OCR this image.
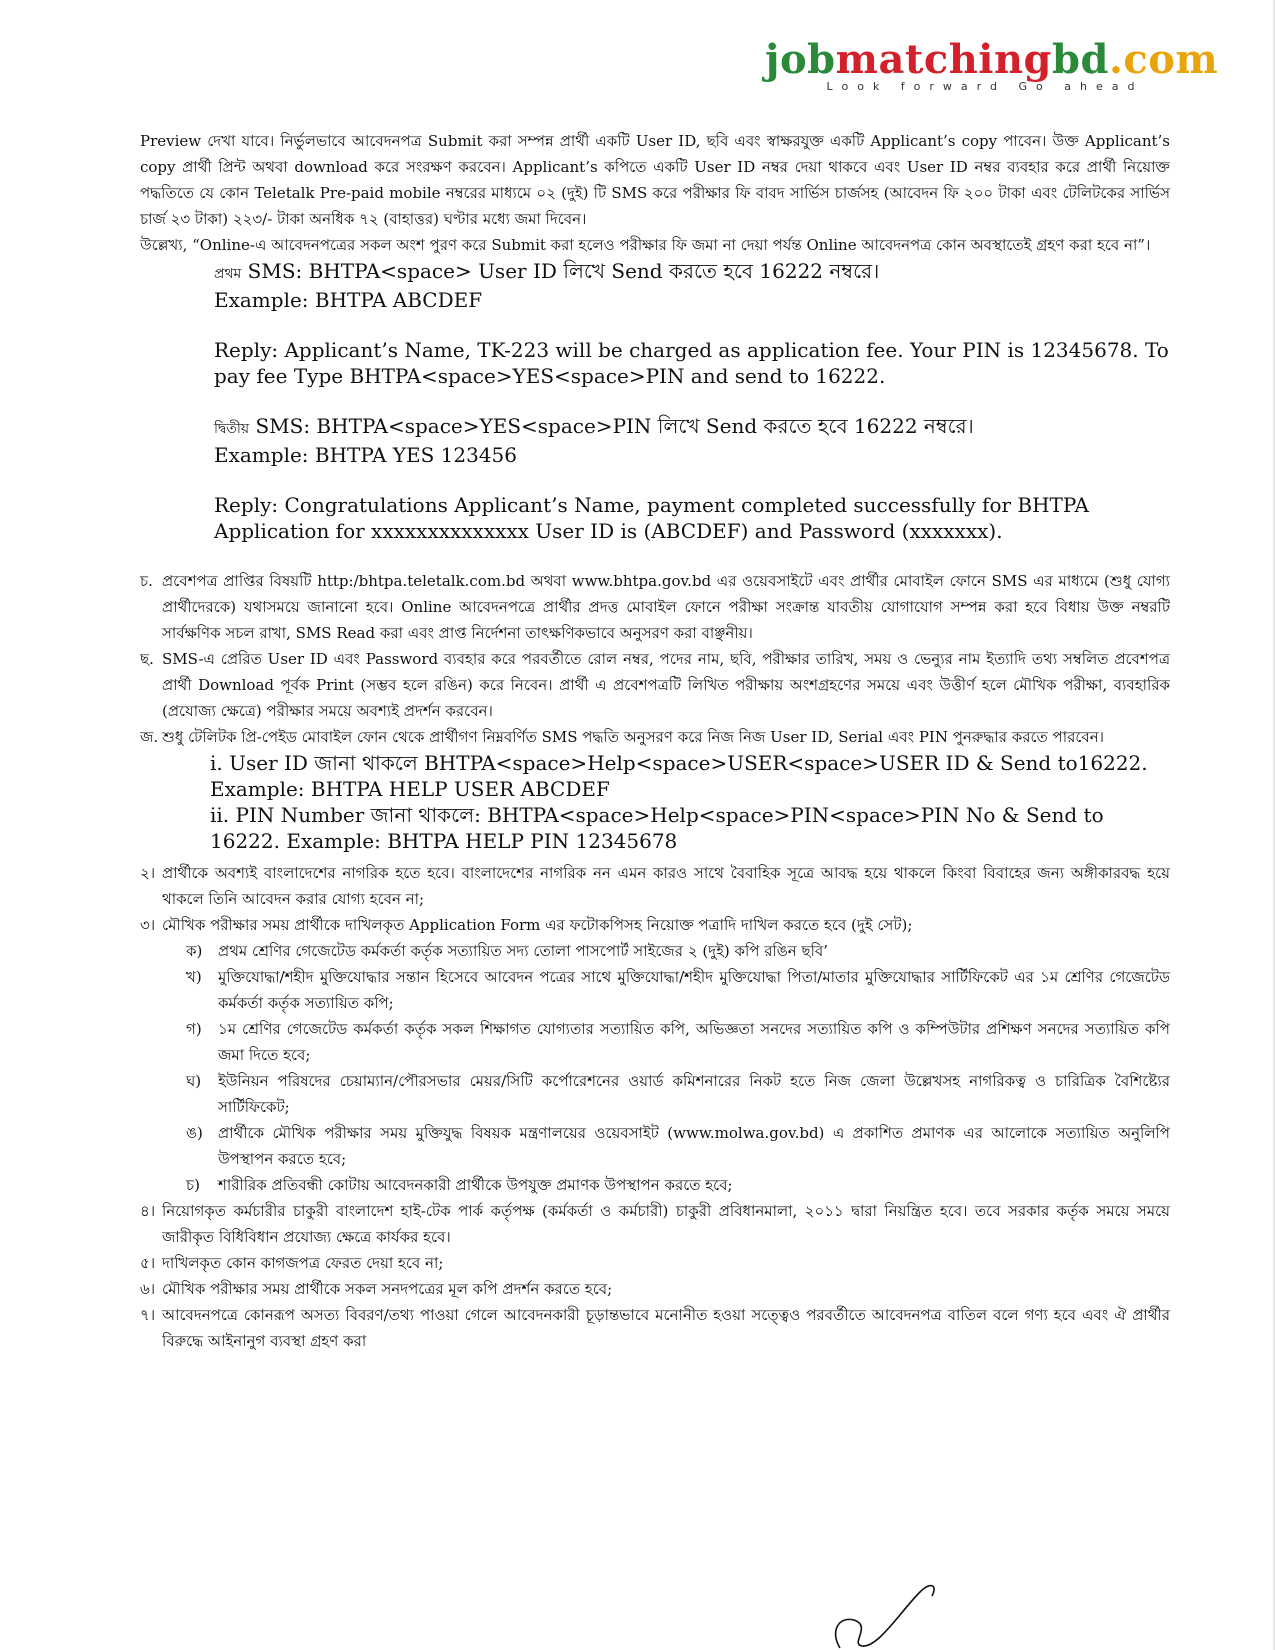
jobmatchingbd.com
Look forward Go ahead

Preview দেখা যাবে। নির্ভুলভাবে আবেদনপত্র Submit করা সম্পন্ন প্রার্থী একটি User ID, ছবি এবং স্বাক্ষরযুক্ত একটি Applicant’s copy পাবেন। উক্ত Applicant’s copy প্রার্থী প্রিন্ট অথবা download করে সংরক্ষণ করবেন। Applicant’s কপিতে একটি User ID নম্বর দেয়া থাকবে এবং User ID নম্বর ব্যবহার করে প্রার্থী নিয়োক্ত পদ্ধতিতে যে কোন Teletalk Pre-paid mobile নম্বরের মাধ্যমে ০২ (দুই) টি SMS করে পরীক্ষার ফি বাবদ সার্ভিস চার্জসহ (আবেদন ফি ২০০ টাকা এবং টেলিটকের সার্ভিস চার্জ ২৩ টাকা) ২২৩/- টাকা অনধিক ৭২ (বাহাত্তর) ঘণ্টার মধ্যে জমা দিবেন।

উল্লেখ্য, “Online-এ আবেদনপত্রের সকল অংশ পুরণ করে Submit করা হলেও পরীক্ষার ফি জমা না দেয়া পর্যন্ত Online আবেদনপত্র কোন অবস্থাতেই গ্রহণ করা হবে না”।

প্রথম SMS: BHTPA<space> User ID লিখে Send করতে হবে 16222 নম্বরে।
Example: BHTPA ABCDEF
Reply: Applicant’s Name, TK-223 will be charged as application fee. Your PIN is 12345678. To pay fee Type BHTPA<space>YES<space>PIN and send to 16222.
দ্বিতীয় SMS: BHTPA<space>YES<space>PIN লিখে Send করতে হবে 16222 নম্বরে।
Example: BHTPA YES 123456
Reply: Congratulations Applicant’s Name, payment completed successfully for BHTPA Application for xxxxxxxxxxxxxx User ID is (ABCDEF) and Password (xxxxxxx).
চ. প্রবেশপত্র প্রাপ্তির বিষয়টি http:/bhtpa.teletalk.com.bd অথবা www.bhtpa.gov.bd এর ওয়েবসাইটে এবং প্রার্থীর মোবাইল ফোনে SMS এর মাধ্যমে (শুধু যোগ্য প্রার্থীদেরকে) যথাসময়ে জানানো হবে। Online আবেদনপত্রে প্রার্থীর প্রদত্ত মোবাইল ফোনে পরীক্ষা সংক্রান্ত যাবতীয় যোগাযোগ সম্পন্ন করা হবে বিধায় উক্ত নম্বরটি সার্বক্ষণিক সচল রাখা, SMS Read করা এবং প্রাপ্ত নির্দেশনা তাৎক্ষণিকভাবে অনুসরণ করা বাঞ্ছনীয়।
ছ. SMS-এ প্রেরিত User ID এবং Password ব্যবহার করে পরবর্তীতে রোল নম্বর, পদের নাম, ছবি, পরীক্ষার তারিখ, সময় ও ভেন্যুর নাম ইত্যাদি তথ্য সম্বলিত প্রবেশপত্র প্রার্থী Download পূর্বক Print (সম্ভব হলে রঙিন) করে নিবেন। প্রার্থী এ প্রবেশপত্রটি লিখিত পরীক্ষায় অংশগ্রহণের সময়ে এবং উত্তীর্ণ হলে মৌখিক পরীক্ষা, ব্যবহারিক (প্রযোজ্য ক্ষেত্রে) পরীক্ষার সময়ে অবশ্যই প্রদর্শন করবেন।
জ. শুধু টেলিটক প্রি-পেইড মোবাইল ফোন থেকে প্রার্থীগণ নিম্নবর্ণিত SMS পদ্ধতি অনুসরণ করে নিজ নিজ User ID, Serial এবং PIN পুনরুদ্ধার করতে পারবেন।
i. User ID জানা থাকলে BHTPA<space>Help<space>USER<space>USER ID & Send to16222.
Example: BHTPA HELP USER ABCDEF
ii. PIN Number জানা থাকলে: BHTPA<space>Help<space>PIN<space>PIN No & Send to 16222. Example: BHTPA HELP PIN 12345678
২। প্রার্থীকে অবশ্যই বাংলাদেশের নাগরিক হতে হবে। বাংলাদেশের নাগরিক নন এমন কারও সাথে বৈবাহিক সূত্রে আবদ্ধ হয়ে থাকলে কিংবা বিবাহের জন্য অঙ্গীকারবদ্ধ হয়ে থাকলে তিনি আবেদন করার যোগ্য হবেন না;
৩। মৌখিক পরীক্ষার সময় প্রার্থীকে দাখিলকৃত Application Form এর ফটোকপিসহ নিয়োক্ত পত্রাদি দাখিল করতে হবে (দুই সেট);
ক)	প্রথম শ্রেণির গেজেটেড কর্মকর্তা কর্তৃক সত্যায়িত সদ্য তোলা পাসপোর্ট সাইজের ২ (দুই) কপি রঙিন ছবি’
খ)	মুক্তিযোদ্ধা/শহীদ মুক্তিযোদ্ধার সন্তান হিসেবে আবেদন পত্রের সাথে মুক্তিযোদ্ধা/শহীদ মুক্তিযোদ্ধা পিতা/মাতার মুক্তিযোদ্ধার সার্টিফিকেট এর ১ম শ্রেণির গেজেটেড কর্মকর্তা কর্তৃক সত্যায়িত কপি;
গ)	১ম শ্রেণির গেজেটেড কর্মকর্তা কর্তৃক সকল শিক্ষাগত যোগ্যতার সত্যায়িত কপি, অভিজ্ঞতা সনদের সত্যায়িত কপি ও কম্পিউটার প্রশিক্ষণ সনদের সত্যায়িত কপি জমা দিতে হবে;
ঘ)	ইউনিয়ন পরিষদের চেয়াম্যান/পৌরসভার মেয়র/সিটি কর্পোরেশনের ওয়ার্ড কমিশনারের নিকট হতে নিজ জেলা উল্লেখসহ নাগরিকত্ব ও চারিত্রিক বৈশিষ্ট্যের সার্টিফিকেট;
ঙ)	প্রার্থীকে মৌখিক পরীক্ষার সময় মুক্তিযুদ্ধ বিষয়ক মন্ত্রণালয়ের ওয়েবসাইট (www.molwa.gov.bd) এ প্রকাশিত প্রমাণক এর আলোকে সত্যায়িত অনুলিপি উপস্থাপন করতে হবে;
চ)	শারীরিক প্রতিবন্ধী কোটায় আবেদনকারী প্রার্থীকে উপযুক্ত প্রমাণক উপস্থাপন করতে হবে;
৪। নিয়োগকৃত কর্মচারীর চাকুরী বাংলাদেশ হাই-টেক পার্ক কর্তৃপক্ষ (কর্মকর্তা ও কর্মচারী) চাকুরী প্রবিধানমালা, ২০১১ দ্বারা নিয়ন্ত্রিত হবে। তবে সরকার কর্তৃক সময়ে সময়ে জারীকৃত বিধিবিধান প্রযোজ্য ক্ষেত্রে কার্যকর হবে।
৫। দাখিলকৃত কোন কাগজপত্র ফেরত দেয়া হবে না;
৬। মৌখিক পরীক্ষার সময় প্রার্থীকে সকল সনদপত্রের মূল কপি প্রদর্শন করতে হবে;
৭। আবেদনপত্রে কোনরূপ অসত্য বিবরণ/তথ্য পাওয়া গেলে আবেদনকারী চূড়ান্তভাবে মনোনীত হওয়া সত্ত্বেও পরবর্তীতে আবেদনপত্র বাতিল বলে গণ্য হবে এবং ঐ প্রার্থীর বিরুদ্ধে আইনানুগ ব্যবস্থা গ্রহণ করা
